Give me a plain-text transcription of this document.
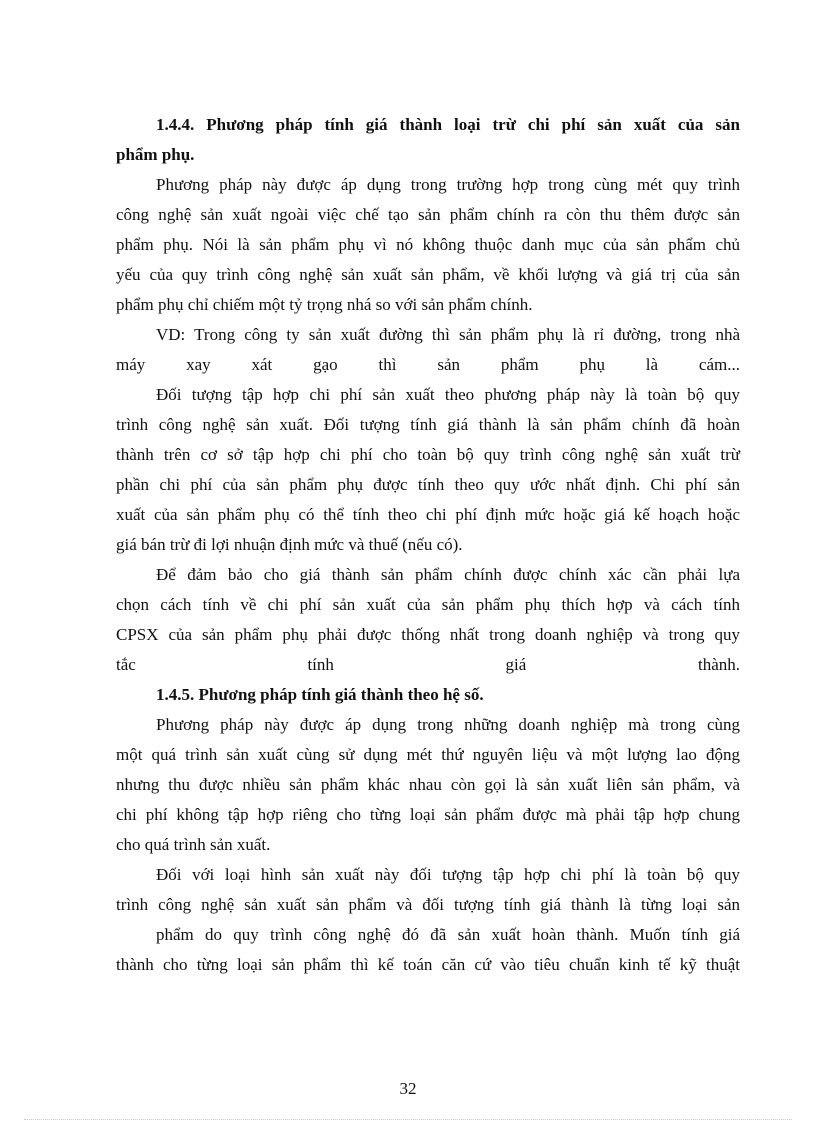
1.4.4. Phương pháp tính giá thành loại trừ chi phí sản xuất của sản
phẩm phụ.
Phương pháp này được áp dụng trong trường hợp trong cùng mét quy trình
công nghệ sản xuất ngoài việc chế tạo sản phẩm chính ra còn thu thêm được sản
phẩm phụ. Nói là sản phẩm phụ vì nó không thuộc danh mục của sản phẩm chủ
yếu của quy trình công nghệ sản xuất sản phẩm, về khối lượng và giá trị của sản
phẩm phụ chỉ chiếm một tỷ trọng nhá so với sản phẩm chính.
VD: Trong công ty sản xuất đường thì sản phẩm phụ là rỉ đường, trong nhà
máy xay xát gạo thì sản phẩm phụ là cám...
Đối tượng tập hợp chi phí sản xuất theo phương pháp này là toàn bộ quy
trình công nghệ sản xuất. Đối tượng tính giá thành là sản phẩm chính đã hoàn
thành trên cơ sở tập hợp chi phí cho toàn bộ quy trình công nghệ sản xuất trừ
phần chi phí của sản phẩm phụ được tính theo quy ước nhất định. Chi phí sản
xuất của sản phẩm phụ có thể tính theo chi phí định mức hoặc giá kế hoạch hoặc
giá bán trừ đi lợi nhuận định mức và thuế (nếu có).
Để đảm bảo cho giá thành sản phẩm chính được chính xác cần phải lựa
chọn cách tính về chi phí sản xuất của sản phẩm phụ thích hợp và cách tính
CPSX của sản phẩm phụ phải được thống nhất trong doanh nghiệp và trong quy
tắc tính giá thành.
1.4.5. Phương pháp tính giá thành theo hệ số.
Phương pháp này được áp dụng trong những doanh nghiệp mà trong cùng
một quá trình sản xuất cùng sử dụng mét thứ nguyên liệu và một lượng lao động
nhưng thu được nhiều sản phẩm khác nhau còn gọi là sản xuất liên sản phẩm, và
chi phí không tập hợp riêng cho từng loại sản phẩm được mà phải tập hợp chung
cho quá trình sản xuất.
Đối với loại hình sản xuất này đối tượng tập hợp chi phí là toàn bộ quy
trình công nghệ sản xuất sản phẩm và đối tượng tính giá thành là từng loại sản
phẩm do quy trình công nghệ đó đã sản xuất hoàn thành. Muốn tính giá
thành cho từng loại sản phẩm thì kế toán căn cứ vào tiêu chuẩn kinh tế kỹ thuật
32
